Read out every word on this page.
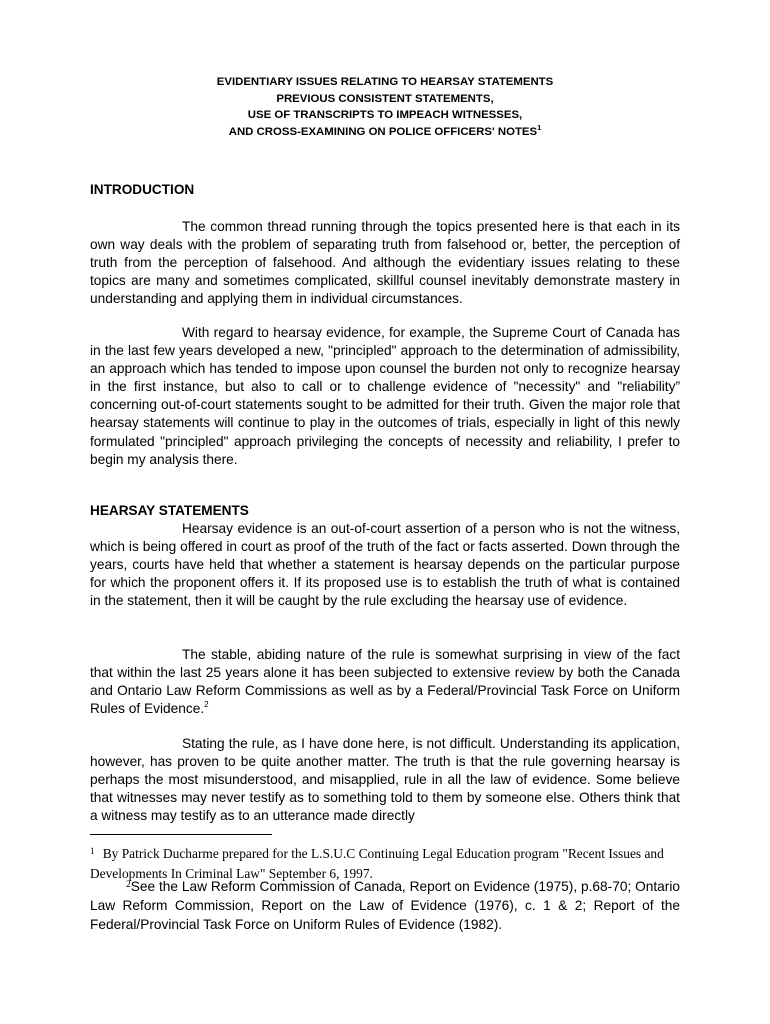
EVIDENTIARY ISSUES RELATING TO HEARSAY STATEMENTS
PREVIOUS CONSISTENT STATEMENTS,
USE OF TRANSCRIPTS TO IMPEACH WITNESSES,
AND CROSS-EXAMINING ON POLICE OFFICERS' NOTES$^1$
INTRODUCTION

The common thread running through the topics presented here is that each in its own way deals with the problem of separating truth from falsehood or, better, the perception of truth from the perception of falsehood. And although the evidentiary issues relating to these topics are many and sometimes complicated, skillful counsel inevitably demonstrate mastery in understanding and applying them in individual circumstances.

With regard to hearsay evidence, for example, the Supreme Court of Canada has in the last few years developed a new, "principled" approach to the determination of admissibility, an approach which has tended to impose upon counsel the burden not only to recognize hearsay in the first instance, but also to call or to challenge evidence of "necessity" and "reliability” concerning out-of-court statements sought to be admitted for their truth. Given the major role that hearsay statements will continue to play in the outcomes of trials, especially in light of this newly formulated "principled" approach privileging the concepts of necessity and reliability, I prefer to begin my analysis there.

HEARSAY STATEMENTS

Hearsay evidence is an out-of-court assertion of a person who is not the witness, which is being offered in court as proof of the truth of the fact or facts asserted. Down through the years, courts have held that whether a statement is hearsay depends on the particular purpose for which the proponent offers it. If its proposed use is to establish the truth of what is contained in the statement, then it will be caught by the rule excluding the hearsay use of evidence.

The stable, abiding nature of the rule is somewhat surprising in view of the fact that within the last 25 years alone it has been subjected to extensive review by both the Canada and Ontario Law Reform Commissions as well as by a Federal/Provincial Task Force on Uniform Rules of Evidence.$^2$

Stating the rule, as I have done here, is not difficult. Understanding its application, however, has proven to be quite another matter. The truth is that the rule governing hearsay is perhaps the most misunderstood, and misapplied, rule in all the law of evidence. Some believe that witnesses may never testify as to something told to them by someone else. Others think that a witness may testify as to an utterance made directly

$^1$ By Patrick Ducharme prepared for the L.S.U.C Continuing Legal Education program "Recent Issues and Developments In Criminal Law" September 6, 1997.
$^2$See the Law Reform Commission of Canada, Report on Evidence (1975), p.68-70; Ontario Law Reform Commission, Report on the Law of Evidence (1976), c. 1 & 2; Report of the Federal/Provincial Task Force on Uniform Rules of Evidence (1982).
